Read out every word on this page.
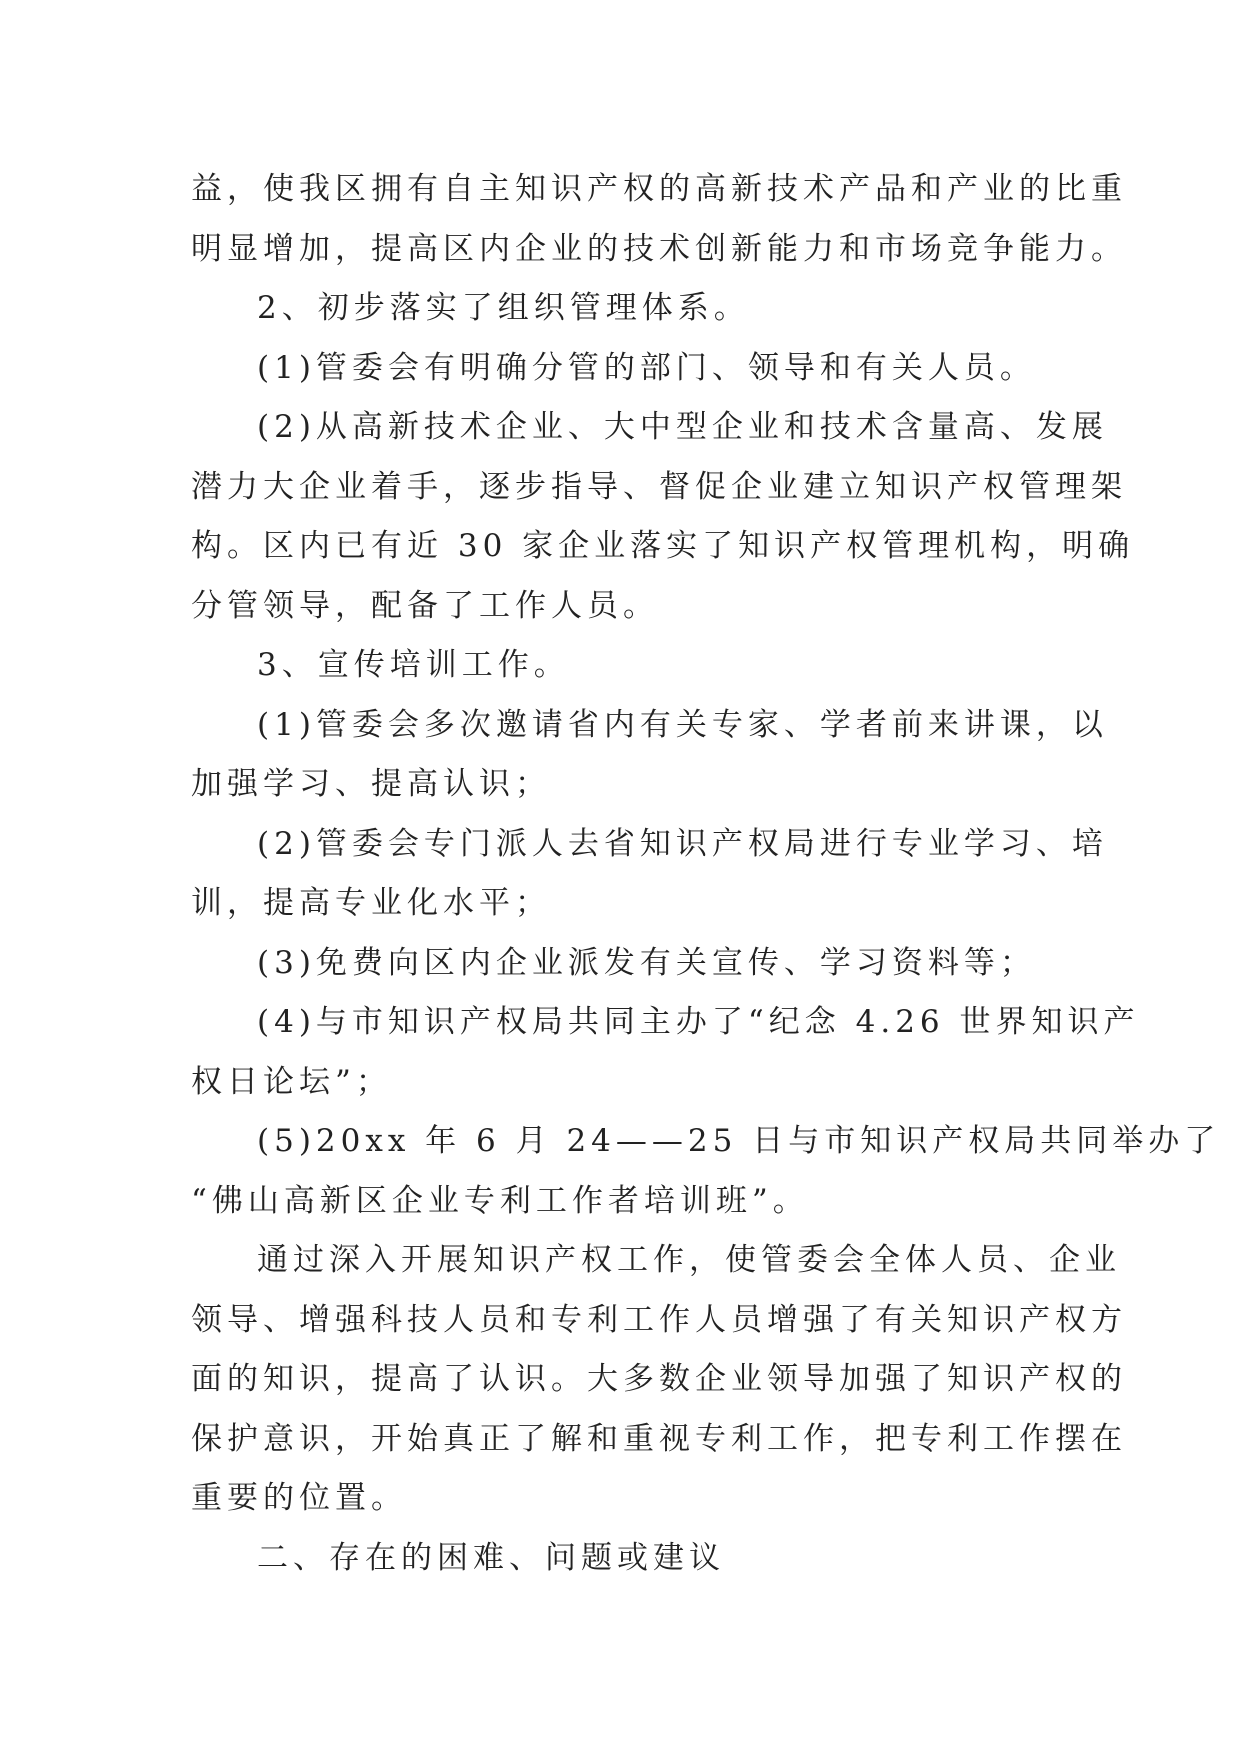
益，使我区拥有自主知识产权的高新技术产品和产业的比重
明显增加，提高区内企业的技术创新能力和市场竞争能力。
2、初步落实了组织管理体系。
(1)管委会有明确分管的部门、领导和有关人员。
(2)从高新技术企业、大中型企业和技术含量高、发展
潜力大企业着手，逐步指导、督促企业建立知识产权管理架
构。区内已有近 30 家企业落实了知识产权管理机构，明确
分管领导，配备了工作人员。
3、宣传培训工作。
(1)管委会多次邀请省内有关专家、学者前来讲课，以
加强学习、提高认识；
(2)管委会专门派人去省知识产权局进行专业学习、培
训，提高专业化水平；
(3)免费向区内企业派发有关宣传、学习资料等；
(4)与市知识产权局共同主办了“纪念 4.26 世界知识产
权日论坛”；
(5)20xx 年 6 月 24——25 日与市知识产权局共同举办了
“佛山高新区企业专利工作者培训班”。
通过深入开展知识产权工作，使管委会全体人员、企业
领导、增强科技人员和专利工作人员增强了有关知识产权方
面的知识，提高了认识。大多数企业领导加强了知识产权的
保护意识，开始真正了解和重视专利工作，把专利工作摆在
重要的位置。
二、存在的困难、问题或建议
